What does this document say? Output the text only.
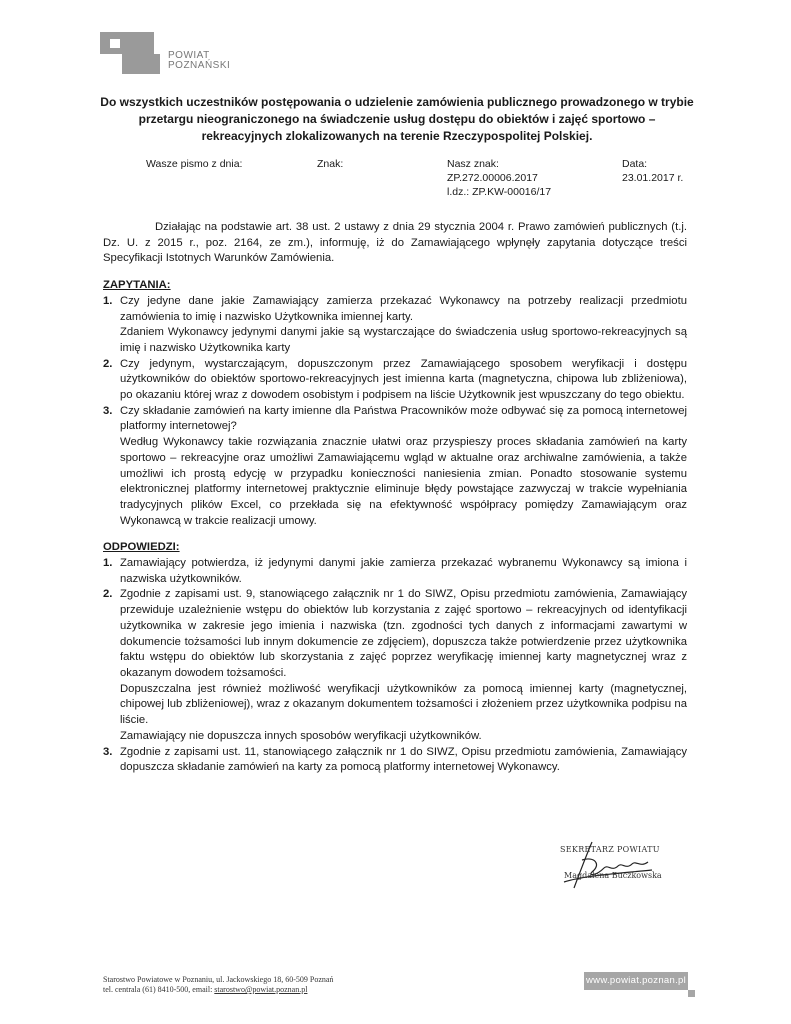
POWIAT
POZNAŃSKI
Do wszystkich uczestników postępowania o udzielenie zamówienia publicznego prowadzonego w trybie przetargu nieograniczonego na świadczenie usług dostępu do obiektów i zajęć sportowo – rekreacyjnych zlokalizowanych na terenie Rzeczypospolitej Polskiej.
Wasze pismo z dnia:	Znak:	Nasz znak:
ZP.272.00006.2017
l.dz.: ZP.KW-00016/17
Data:
23.01.2017 r.

Działając na podstawie art. 38 ust. 2 ustawy z dnia 29 stycznia 2004 r. Prawo zamówień publicznych (t.j. Dz. U. z 2015 r., poz. 2164, ze zm.), informuję, iż do Zamawiającego wpłynęły zapytania dotyczące treści Specyfikacji Istotnych Warunków Zamówienia.

ZAPYTANIA:

1. Czy jedyne dane jakie Zamawiający zamierza przekazać Wykonawcy na potrzeby realizacji przedmiotu zamówienia to imię i nazwisko Użytkownika imiennej karty.

Zdaniem Wykonawcy jedynymi danymi jakie są wystarczające do świadczenia usług sportowo-rekreacyjnych są imię i nazwisko Użytkownika karty

2. Czy jedynym, wystarczającym, dopuszczonym przez Zamawiającego sposobem weryfikacji i dostępu użytkowników do obiektów sportowo-rekreacyjnych jest imienna karta (magnetyczna, chipowa lub zbliżeniowa), po okazaniu której wraz z dowodem osobistym i podpisem na liście Użytkownik jest wpuszczany do tego obiektu.

3. Czy składanie zamówień na karty imienne dla Państwa Pracowników może odbywać się za pomocą internetowej platformy internetowej?

Według Wykonawcy takie rozwiązania znacznie ułatwi oraz przyspieszy proces składania zamówień na karty sportowo – rekreacyjne oraz umożliwi Zamawiającemu wgląd w aktualne oraz archiwalne zamówienia, a także umożliwi ich prostą edycję w przypadku konieczności naniesienia zmian. Ponadto stosowanie systemu elektronicznej platformy internetowej praktycznie eliminuje błędy powstające zazwyczaj w trakcie wypełniania tradycyjnych plików Excel, co przekłada się na efektywność współpracy pomiędzy Zamawiającym oraz Wykonawcą w trakcie realizacji umowy.

ODPOWIEDZI:

1. Zamawiający potwierdza, iż jedynymi danymi jakie zamierza przekazać wybranemu Wykonawcy są imiona i nazwiska użytkowników.

2. Zgodnie z zapisami ust. 9, stanowiącego załącznik nr 1 do SIWZ, Opisu przedmiotu zamówienia, Zamawiający przewiduje uzależnienie wstępu do obiektów lub korzystania z zajęć sportowo – rekreacyjnych od identyfikacji użytkownika w zakresie jego imienia i nazwiska (tzn. zgodności tych danych z informacjami zawartymi w dokumencie tożsamości lub innym dokumencie ze zdjęciem), dopuszcza także potwierdzenie przez użytkownika faktu wstępu do obiektów lub skorzystania z zajęć poprzez weryfikację imiennej karty magnetycznej wraz z okazanym dowodem tożsamości.

Dopuszczalna jest również możliwość weryfikacji użytkowników za pomocą imiennej karty (magnetycznej, chipowej lub zbliżeniowej), wraz z okazanym dokumentem tożsamości i złożeniem przez użytkownika podpisu na liście.

Zamawiający nie dopuszcza innych sposobów weryfikacji użytkowników.

3. Zgodnie z zapisami ust. 11, stanowiącego załącznik nr 1 do SIWZ, Opisu przedmiotu zamówienia, Zamawiający dopuszcza składanie zamówień na karty za pomocą platformy internetowej Wykonawcy.

SEKRETARZ POWIATU
Magdalena Buczkowska
Starostwo Powiatowe w Poznaniu, ul. Jackowskiego 18, 60-509 Poznań
tel. centrala (61) 8410-500, email: starostwo@powiat.poznan.pl
www.powiat.poznan.pl
